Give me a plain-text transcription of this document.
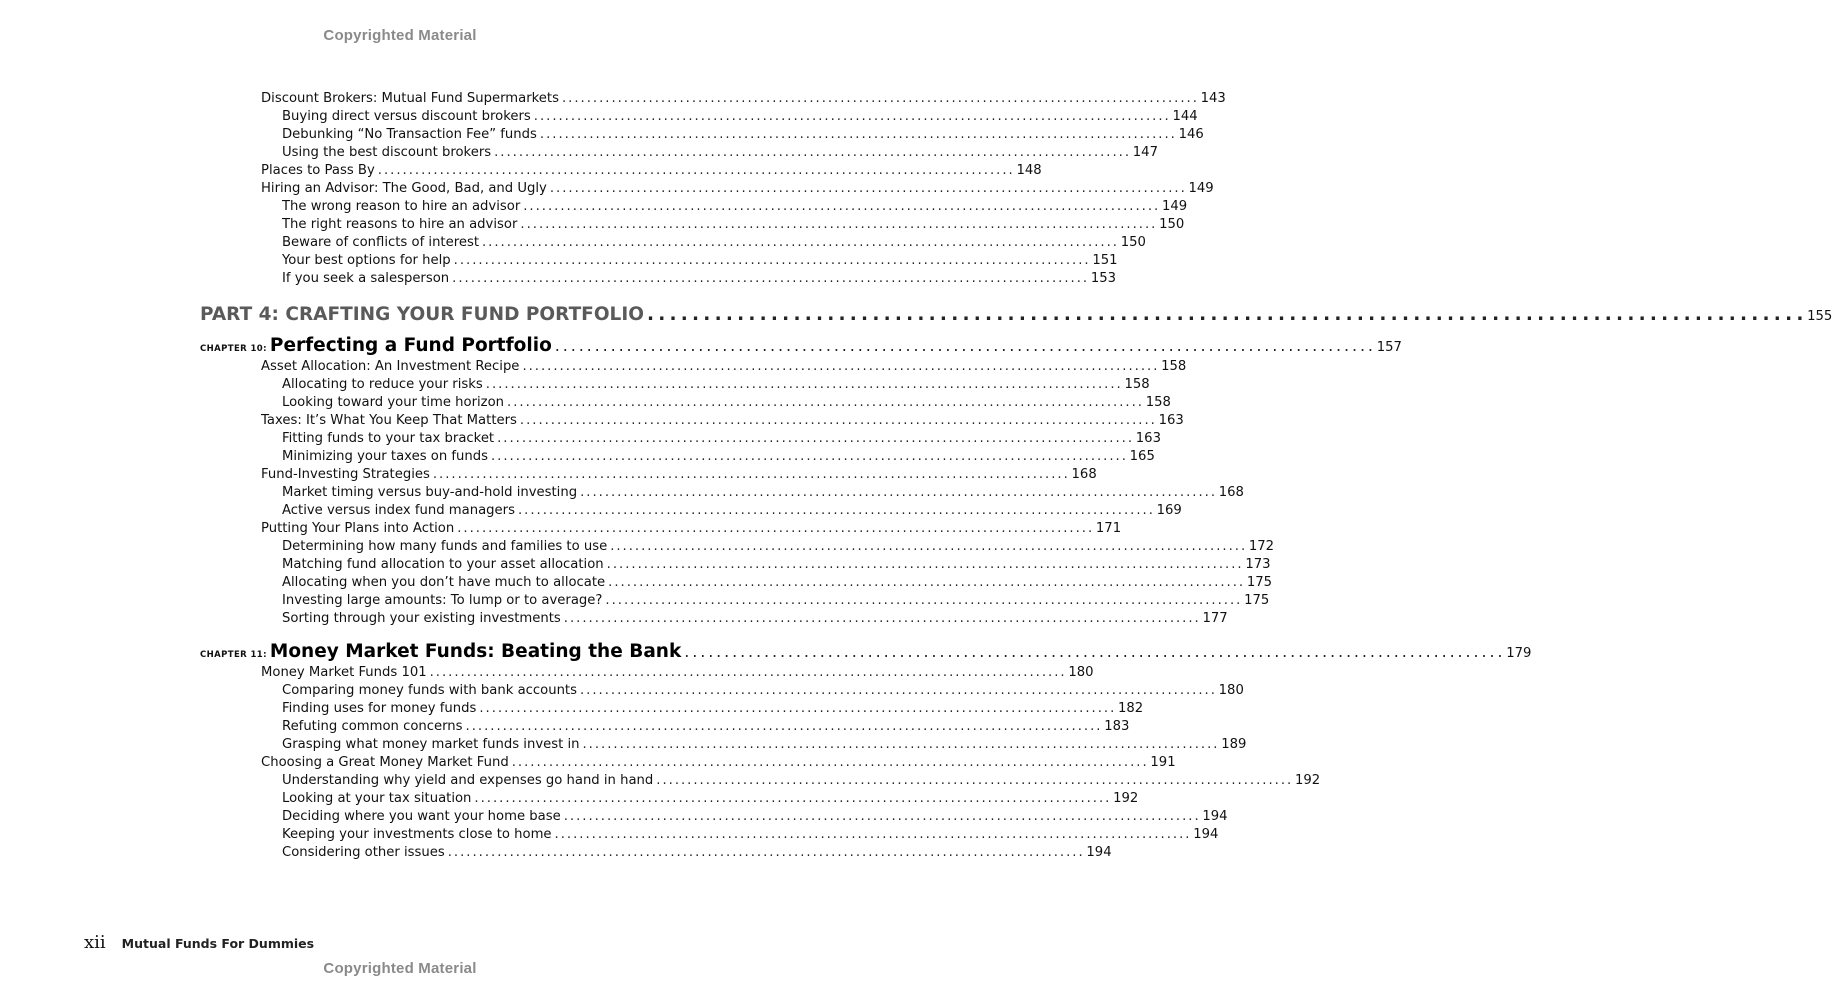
Copyrighted Material
Discount Brokers: Mutual Fund Supermarkets . . .	143
Buying direct versus discount brokers . . .	144
Debunking “No Transaction Fee” funds . . .	146
Using the best discount brokers . . .	147
Places to Pass By . . .	148
Hiring an Advisor: The Good, Bad, and Ugly . . .	149
The wrong reason to hire an advisor . . .	149
The right reasons to hire an advisor . . .	150
Beware of conflicts of interest . . .	150
Your best options for help . . .	151
If you seek a salesperson . . .	153
PART 4: CRAFTING YOUR FUND PORTFOLIO . . .	155
CHAPTER 10: Perfecting a Fund Portfolio . . .	157
Asset Allocation: An Investment Recipe . . .	158
Allocating to reduce your risks . . .	158
Looking toward your time horizon . . .	158
Taxes: It’s What You Keep That Matters . . .	163
Fitting funds to your tax bracket . . .	163
Minimizing your taxes on funds . . .	165
Fund-Investing Strategies . . .	168
Market timing versus buy-and-hold investing . . .	168
Active versus index fund managers . . .	169
Putting Your Plans into Action . . .	171
Determining how many funds and families to use . . .	172
Matching fund allocation to your asset allocation . . .	173
Allocating when you don’t have much to allocate . . .	175
Investing large amounts: To lump or to average? . . .	175
Sorting through your existing investments . . .	177
CHAPTER 11: Money Market Funds: Beating the Bank . . .	179
Money Market Funds 101 . . .	180
Comparing money funds with bank accounts . . .	180
Finding uses for money funds . . .	182
Refuting common concerns . . .	183
Grasping what money market funds invest in . . .	189
Choosing a Great Money Market Fund . . .	191
Understanding why yield and expenses go hand in hand . . .	192
Looking at your tax situation . . .	192
Deciding where you want your home base . . .	194
Keeping your investments close to home . . .	194
Considering other issues . . .	194
xii Mutual Funds For Dummies
Copyrighted Material
